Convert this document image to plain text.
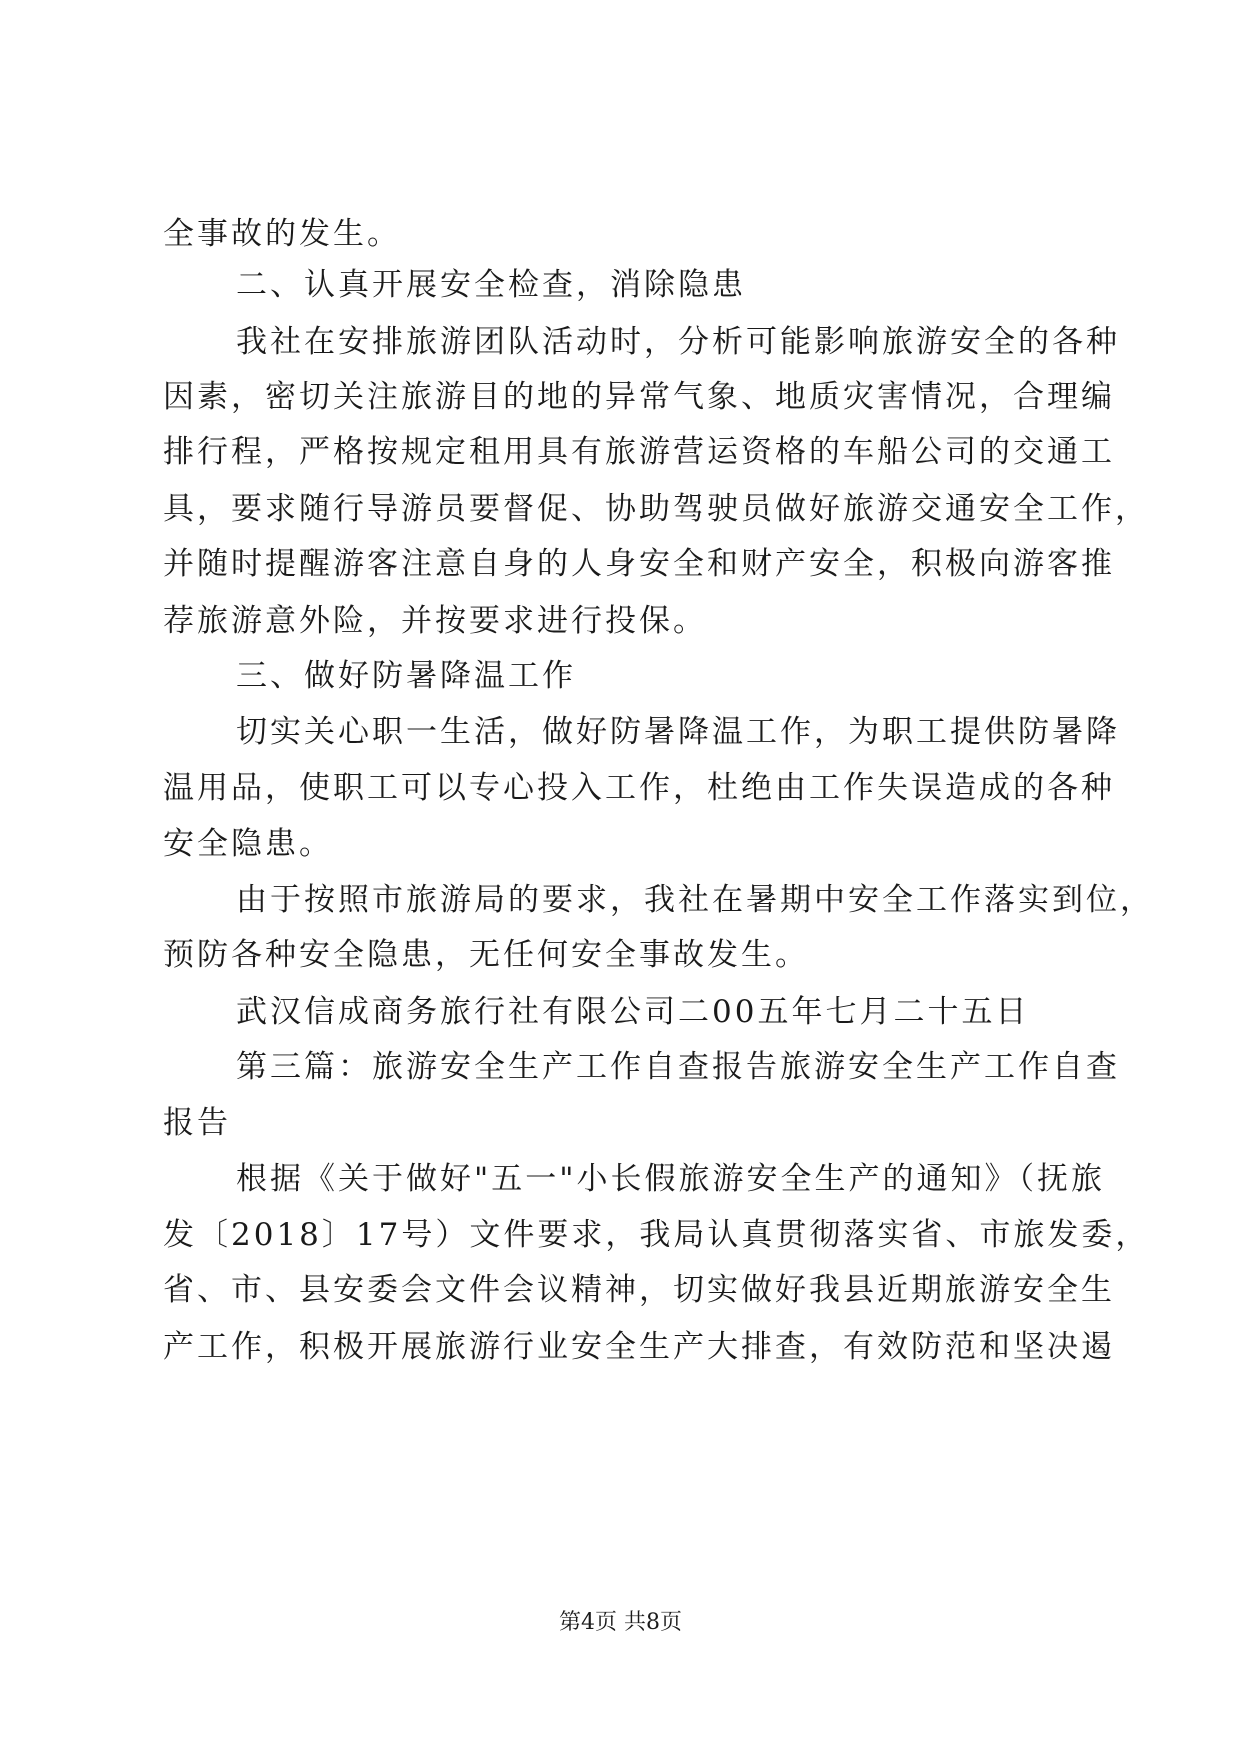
全事故的发生。
二、认真开展安全检查，消除隐患
我社在安排旅游团队活动时，分析可能影响旅游安全的各种
因素，密切关注旅游目的地的异常气象、地质灾害情况，合理编
排行程，严格按规定租用具有旅游营运资格的车船公司的交通工
具，要求随行导游员要督促、协助驾驶员做好旅游交通安全工作，
并随时提醒游客注意自身的人身安全和财产安全，积极向游客推
荐旅游意外险，并按要求进行投保。
三、做好防暑降温工作
切实关心职一生活，做好防暑降温工作，为职工提供防暑降
温用品，使职工可以专心投入工作，杜绝由工作失误造成的各种
安全隐患。
由于按照市旅游局的要求，我社在暑期中安全工作落实到位，
预防各种安全隐患，无任何安全事故发生。
武汉信成商务旅行社有限公司二00五年七月二十五日
第三篇：旅游安全生产工作自查报告旅游安全生产工作自查
报告
根据《关于做好"五一"小长假旅游安全生产的通知》（抚旅
发〔2018〕17号）文件要求，我局认真贯彻落实省、市旅发委，
省、市、县安委会文件会议精神，切实做好我县近期旅游安全生
产工作，积极开展旅游行业安全生产大排查，有效防范和坚决遏
第4页 共8页
